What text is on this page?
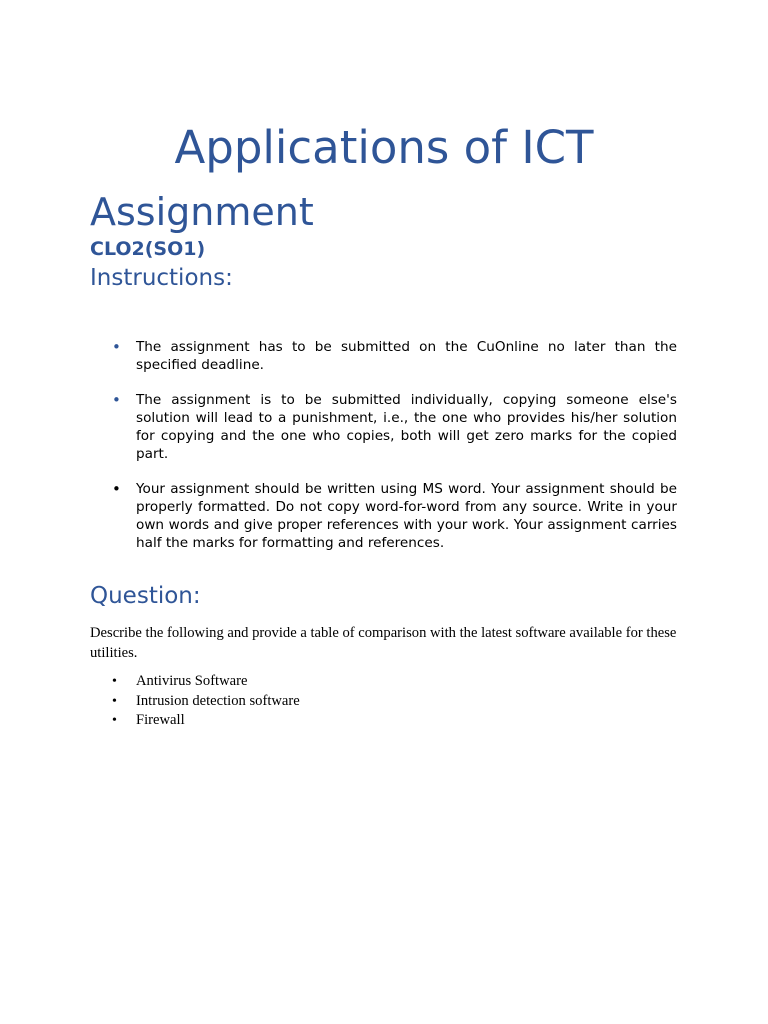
Applications of ICT
Assignment
CLO2(SO1)
Instructions:
• The assignment has to be submitted on the CuOnline no later than the specified deadline.
• The assignment is to be submitted individually, copying someone else's solution will lead to a punishment, i.e., the one who provides his/her solution for copying and the one who copies, both will get zero marks for the copied part.
• Your assignment should be written using MS word. Your assignment should be properly formatted. Do not copy word-for-word from any source. Write in your own words and give proper references with your work. Your assignment carries half the marks for formatting and references.
Question:

Describe the following and provide a table of comparison with the latest software available for these utilities.

• Antivirus Software
• Intrusion detection software
• Firewall
